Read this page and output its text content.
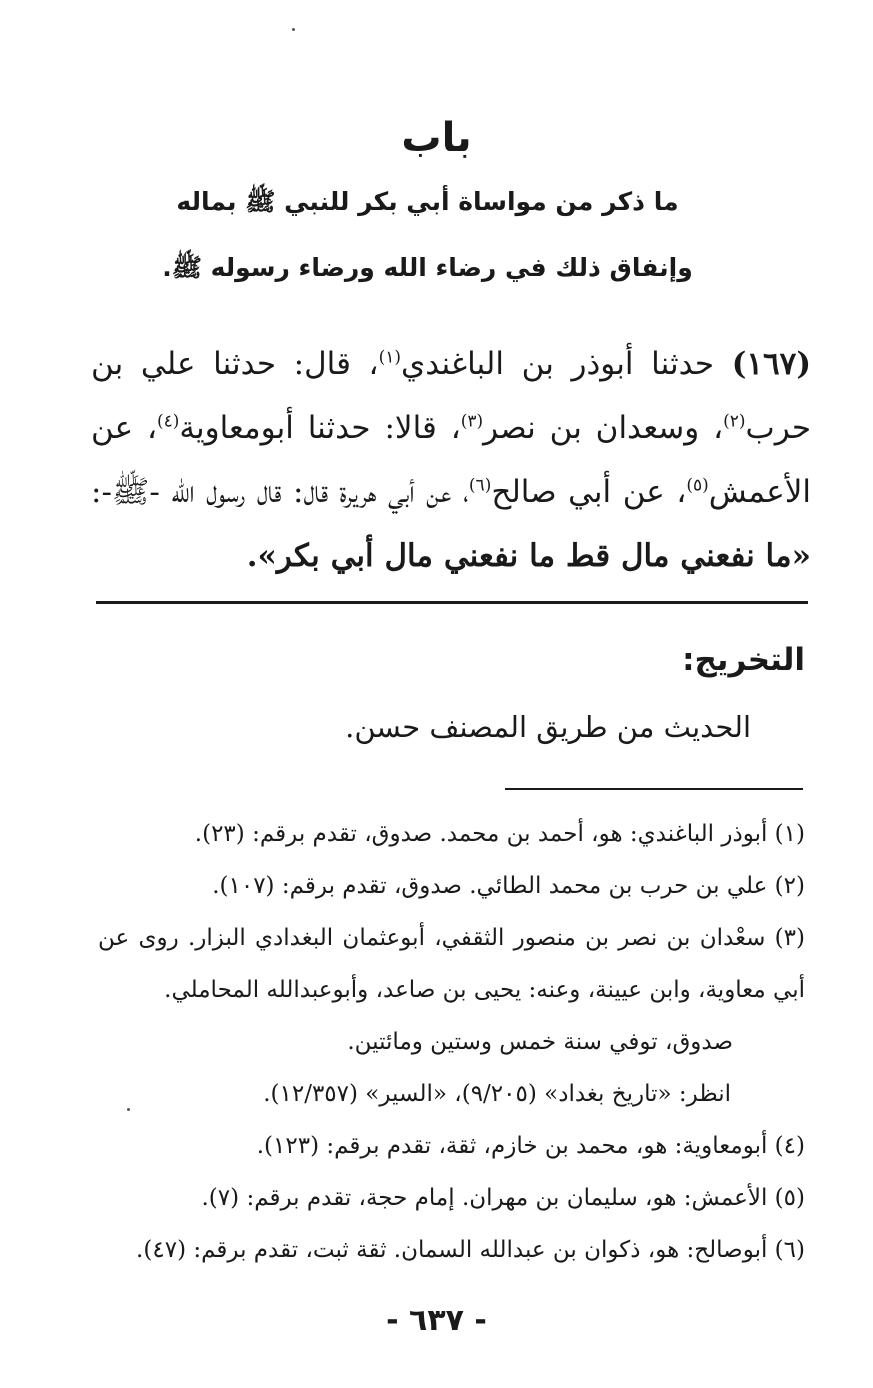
باب
ما ذكر من مواساة أبي بكر للنبي ﷺ بماله
وإنفاق ذلك في رضاء الله ورضاء رسوله ﷺ.
(١٦٧) حدثنا أبوذر بن الباغندي$^{(١)}$، قال: حدثنا علي بن حرب$^{(٢)}$، وسعدان بن نصر$^{(٣)}$، قالا: حدثنا أبومعاوية$^{(٤)}$، عن الأعمش$^{(٥)}$، عن أبي صالح$^{(٦)}$، عن أبي هريرة قال: قال رسول الله -ﷺ-: «ما نفعني مال قط ما نفعني مال أبي بكر».
التخريج:
الحديث من طريق المصنف حسن.
(١) أبوذر الباغندي: هو، أحمد بن محمد. صدوق، تقدم برقم: (٢٣).
(٢) علي بن حرب بن محمد الطائي. صدوق، تقدم برقم: (١٠٧).
(٣) سعْدان بن نصر بن منصور الثقفي، أبوعثمان البغدادي البزار. روى عن
أبي معاوية، وابن عيينة، وعنه: يحيى بن صاعد، وأبوعبدالله المحاملي.
صدوق، توفي سنة خمس وستين ومائتين.
انظر: «تاريخ بغداد» (٩/٢٠٥)، «السير» (١٢/٣٥٧).
(٤) أبومعاوية: هو، محمد بن خازم، ثقة، تقدم برقم: (١٢٣).
(٥) الأعمش: هو، سليمان بن مهران. إمام حجة، تقدم برقم: (٧).
(٦) أبوصالح: هو، ذكوان بن عبدالله السمان. ثقة ثبت، تقدم برقم: (٤٧).
- ٦٣٧ -
